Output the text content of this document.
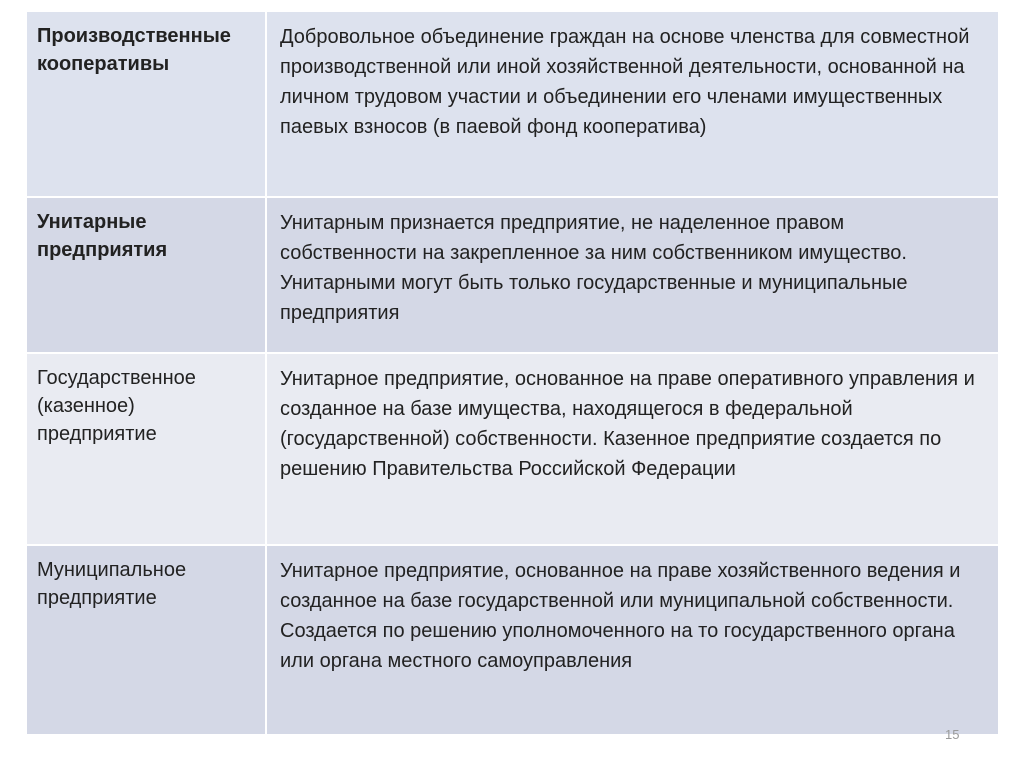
Производственные кооперативы
Добровольное объединение граждан на основе членства для совместной производственной или иной хозяйственной деятельности, основанной на личном трудовом участии и объединении его членами имущественных паевых взносов (в паевой фонд кооператива)
Унитарные предприятия
Унитарным признается предприятие, не наделенное правом собственности на закрепленное за ним собственником имущество. Унитарными могут быть только государственные и муниципальные предприятия
Государственное (казенное) предприятие
Унитарное предприятие, основанное на праве оперативного управления и созданное на базе имущества, находящегося в федеральной (государственной) собственности. Казенное предприятие создается по решению Правительства Российской Федерации
Муниципальное предприятие
Унитарное предприятие, основанное на праве хозяйственного ведения и созданное на базе государственной или муниципальной собственности. Создается по решению уполномоченного на то государственного органа или органа местного самоуправления
15
